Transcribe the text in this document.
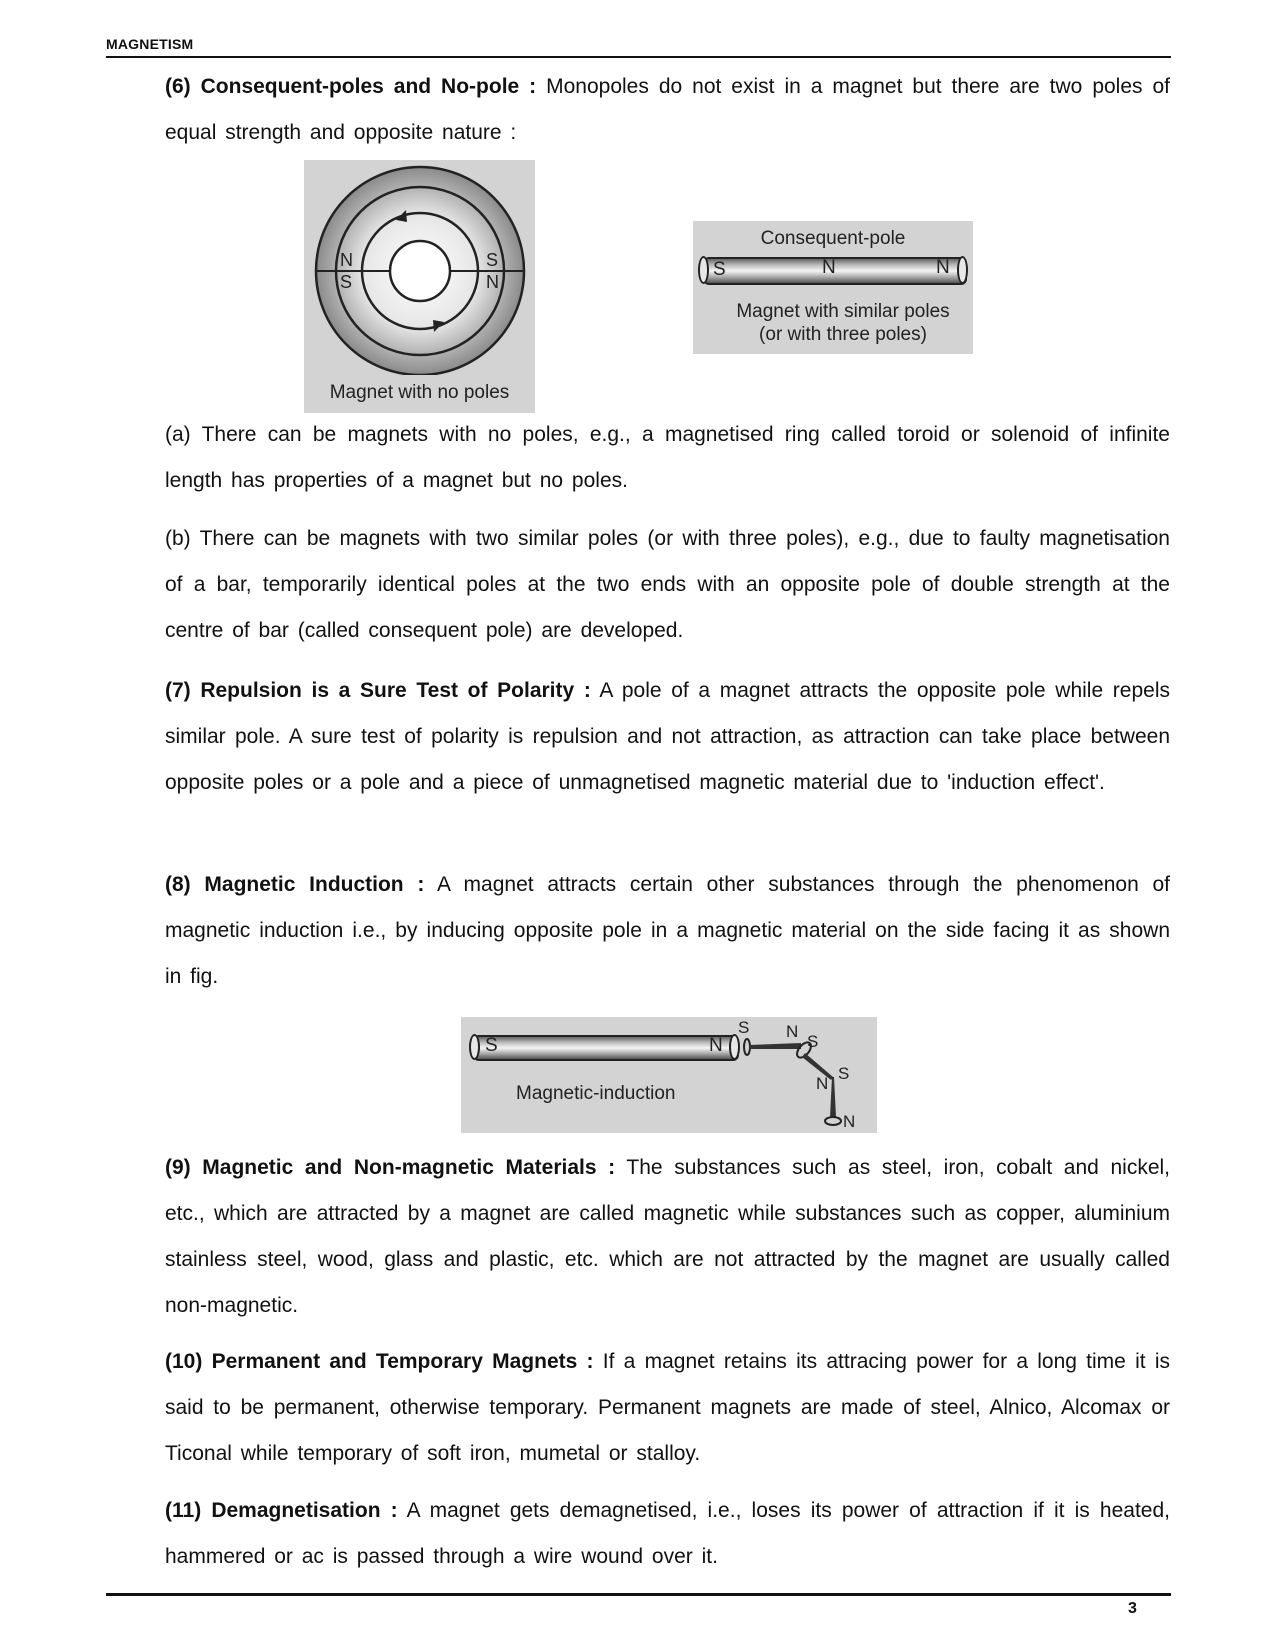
MAGNETISM
(6) Consequent-poles and No-pole : Monopoles do not exist in a magnet but there are two poles of equal strength and opposite nature :
N
S
S
N
Magnet with no poles
Consequent-pole
S	N	N
Magnet with similar poles
(or with three poles)
(a) There can be magnets with no poles, e.g., a magnetised ring called toroid or solenoid of infinite length has properties of a magnet but no poles.
(b) There can be magnets with two similar poles (or with three poles), e.g., due to faulty magnetisation of a bar, temporarily identical poles at the two ends with an opposite pole of double strength at the centre of bar (called consequent pole) are developed.
(7) Repulsion is a Sure Test of Polarity : A pole of a magnet attracts the opposite pole while repels similar pole. A sure test of polarity is repulsion and not attraction, as attraction can take place between opposite poles or a pole and a piece of unmagnetised magnetic material due to 'induction effect'.
(8) Magnetic Induction : A magnet attracts certain other substances through the phenomenon of magnetic induction i.e., by inducing opposite pole in a magnetic material on the side facing it as shown in fig.
S	N
S N
S
N
S
N
Magnetic-induction
(9) Magnetic and Non-magnetic Materials : The substances such as steel, iron, cobalt and nickel, etc., which are attracted by a magnet are called magnetic while substances such as copper, aluminium stainless steel, wood, glass and plastic, etc. which are not attracted by the magnet are usually called non-magnetic.
(10) Permanent and Temporary Magnets : If a magnet retains its attracing power for a long time it is said to be permanent, otherwise temporary. Permanent magnets are made of steel, Alnico, Alcomax or Ticonal while temporary of soft iron, mumetal or stalloy.
(11) Demagnetisation : A magnet gets demagnetised, i.e., loses its power of attraction if it is heated, hammered or ac is passed through a wire wound over it.
3
